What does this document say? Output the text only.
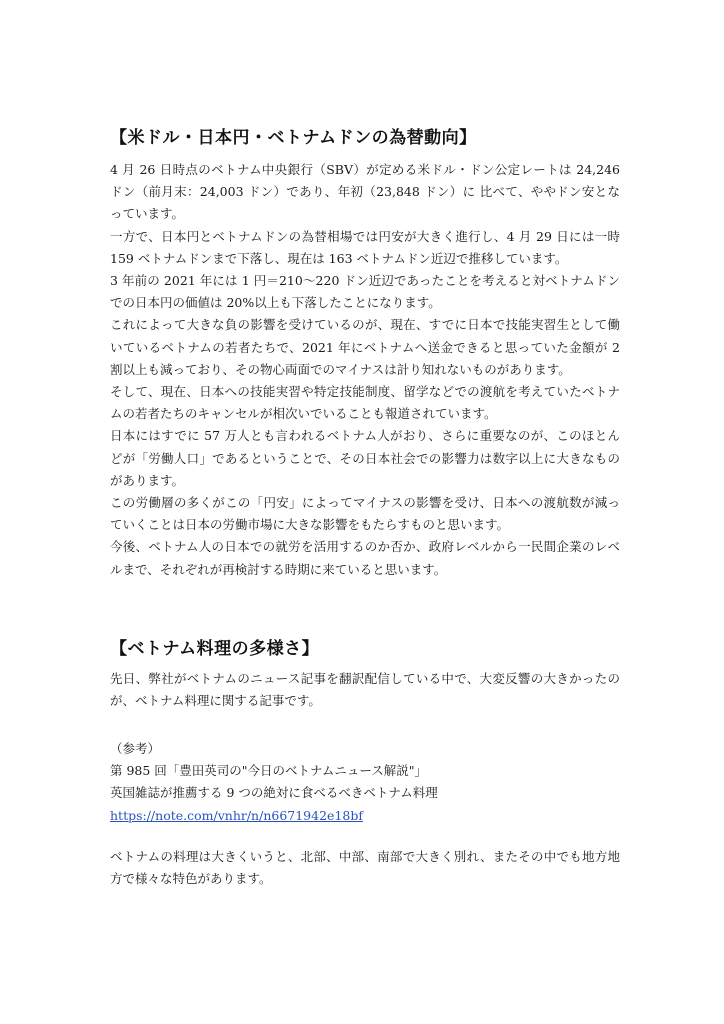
【米ドル・日本円・ベトナムドンの為替動向】

4 月 26 日時点のベトナム中央銀行（SBV）が定める米ドル・ドン公定レートは 24,246 ドン（前月末：24,003 ドン）であり、年初（23,848 ドン）に 比べて、ややドン安となっています。

一方で、日本円とベトナムドンの為替相場では円安が大きく進行し、4 月 29 日には一時 159 ベトナムドンまで下落し、現在は 163 ベトナムドン近辺で推移しています。

3 年前の 2021 年には 1 円＝210～220 ドン近辺であったことを考えると対ベトナムドンでの日本円の価値は 20%以上も下落したことになります。

これによって大きな負の影響を受けているのが、現在、すでに日本で技能実習生として働いているベトナムの若者たちで、2021 年にベトナムへ送金できると思っていた金額が 2 割以上も減っており、その物心両面でのマイナスは計り知れないものがあります。

そして、現在、日本への技能実習や特定技能制度、留学などでの渡航を考えていたベトナムの若者たちのキャンセルが相次いでいることも報道されています。

日本にはすでに 57 万人とも言われるベトナム人がおり、さらに重要なのが、このほとんどが「労働人口」であるということで、その日本社会での影響力は数字以上に大きなものがあります。

この労働層の多くがこの「円安」によってマイナスの影響を受け、日本への渡航数が減っていくことは日本の労働市場に大きな影響をもたらすものと思います。

今後、ベトナム人の日本での就労を活用するのか否か、政府レベルから一民間企業のレベルまで、それぞれが再検討する時期に来ていると思います。

【ベトナム料理の多様さ】

先日、弊社がベトナムのニュース記事を翻訳配信している中で、大変反響の大きかったのが、ベトナム料理に関する記事です。

（参考）

第 985 回「豊田英司の"今日のベトナムニュース解説"」

英国雑誌が推薦する 9 つの絶対に食べるべきベトナム料理

https://note.com/vnhr/n/n6671942e18bf

ベトナムの料理は大きくいうと、北部、中部、南部で大きく別れ、またその中でも地方地方で様々な特色があります。
